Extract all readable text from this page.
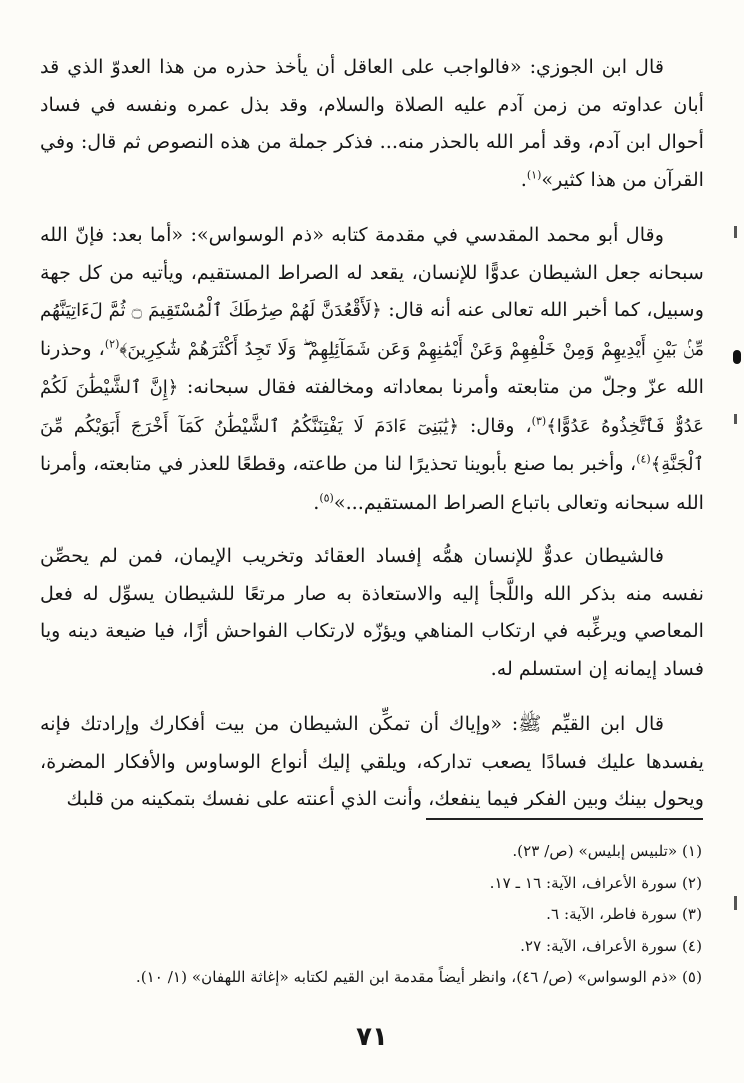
قال ابن الجوزي: «فالواجب على العاقل أن يأخذ حذره من هذا العدوّ الذي قد أبان عداوته من زمن آدم عليه الصلاة والسلام، وقد بذل عمره ونفسه في فساد أحوال ابن آدم، وقد أمر الله بالحذر منه... فذكر جملة من هذه النصوص ثم قال: وفي القرآن من هذا كثير»$^{(١)}$.

وقال أبو محمد المقدسي في مقدمة كتابه «ذم الوسواس»: «أما بعد: فإنّ الله سبحانه جعل الشيطان عدوًّا للإنسان، يقعد له الصراط المستقيم، ويأتيه من كل جهة وسبيل، كما أخبر الله تعالى عنه أنه قال: ﴿لَأَقْعُدَنَّ لَهُمْ صِرَٰطَكَ ٱلْمُسْتَقِيمَ ۝ ثُمَّ لَءَاتِيَنَّهُم مِّنۢ بَيْنِ أَيْدِيهِمْ وَمِنْ خَلْفِهِمْ وَعَنْ أَيْمَٰنِهِمْ وَعَن شَمَآئِلِهِمْ ۖ وَلَا تَجِدُ أَكْثَرَهُمْ شَٰكِرِينَ﴾$^{(٢)}$، وحذرنا الله عزّ وجلّ من متابعته وأمرنا بمعاداته ومخالفته فقال سبحانه: ﴿إِنَّ ٱلشَّيْطَٰنَ لَكُمْ عَدُوٌّ فَٱتَّخِذُوهُ عَدُوًّا﴾$^{(٣)}$، وقال: ﴿يَٰبَنِىٓ ءَادَمَ لَا يَفْتِنَنَّكُمُ ٱلشَّيْطَٰنُ كَمَآ أَخْرَجَ أَبَوَيْكُم مِّنَ ٱلْجَنَّةِ﴾$^{(٤)}$، وأخبر بما صنع بأبوينا تحذيرًا لنا من طاعته، وقطعًا للعذر في متابعته، وأمرنا الله سبحانه وتعالى باتباع الصراط المستقيم...»$^{(٥)}$.

فالشيطان عدوٌّ للإنسان همُّه إفساد العقائد وتخريب الإيمان، فمن لم يحصِّن نفسه منه بذكر الله واللَّجأ إليه والاستعاذة به صار مرتعًا للشيطان يسوِّل له فعل المعاصي ويرغِّبه في ارتكاب المناهي ويؤزّه لارتكاب الفواحش أزًا، فيا ضيعة دينه ويا فساد إيمانه إن استسلم له.

قال ابن القيِّم ﷺ: «وإياك أن تمكِّن الشيطان من بيت أفكارك وإرادتك فإنه يفسدها عليك فسادًا يصعب تداركه، ويلقي إليك أنواع الوساوس والأفكار المضرة، ويحول بينك وبين الفكر فيما ينفعك، وأنت الذي أعنته على نفسك بتمكينه من قلبك

(١) «تلبيس إبليس» (ص/ ٢٣).
(٢) سورة الأعراف، الآية: ١٦ ـ ١٧.
(٣) سورة فاطر، الآية: ٦.
(٤) سورة الأعراف، الآية: ٢٧.
(٥) «ذم الوسواس» (ص/ ٤٦)، وانظر أيضاً مقدمة ابن القيم لكتابه «إغاثة اللهفان» (١/ ١٠).
٧١
